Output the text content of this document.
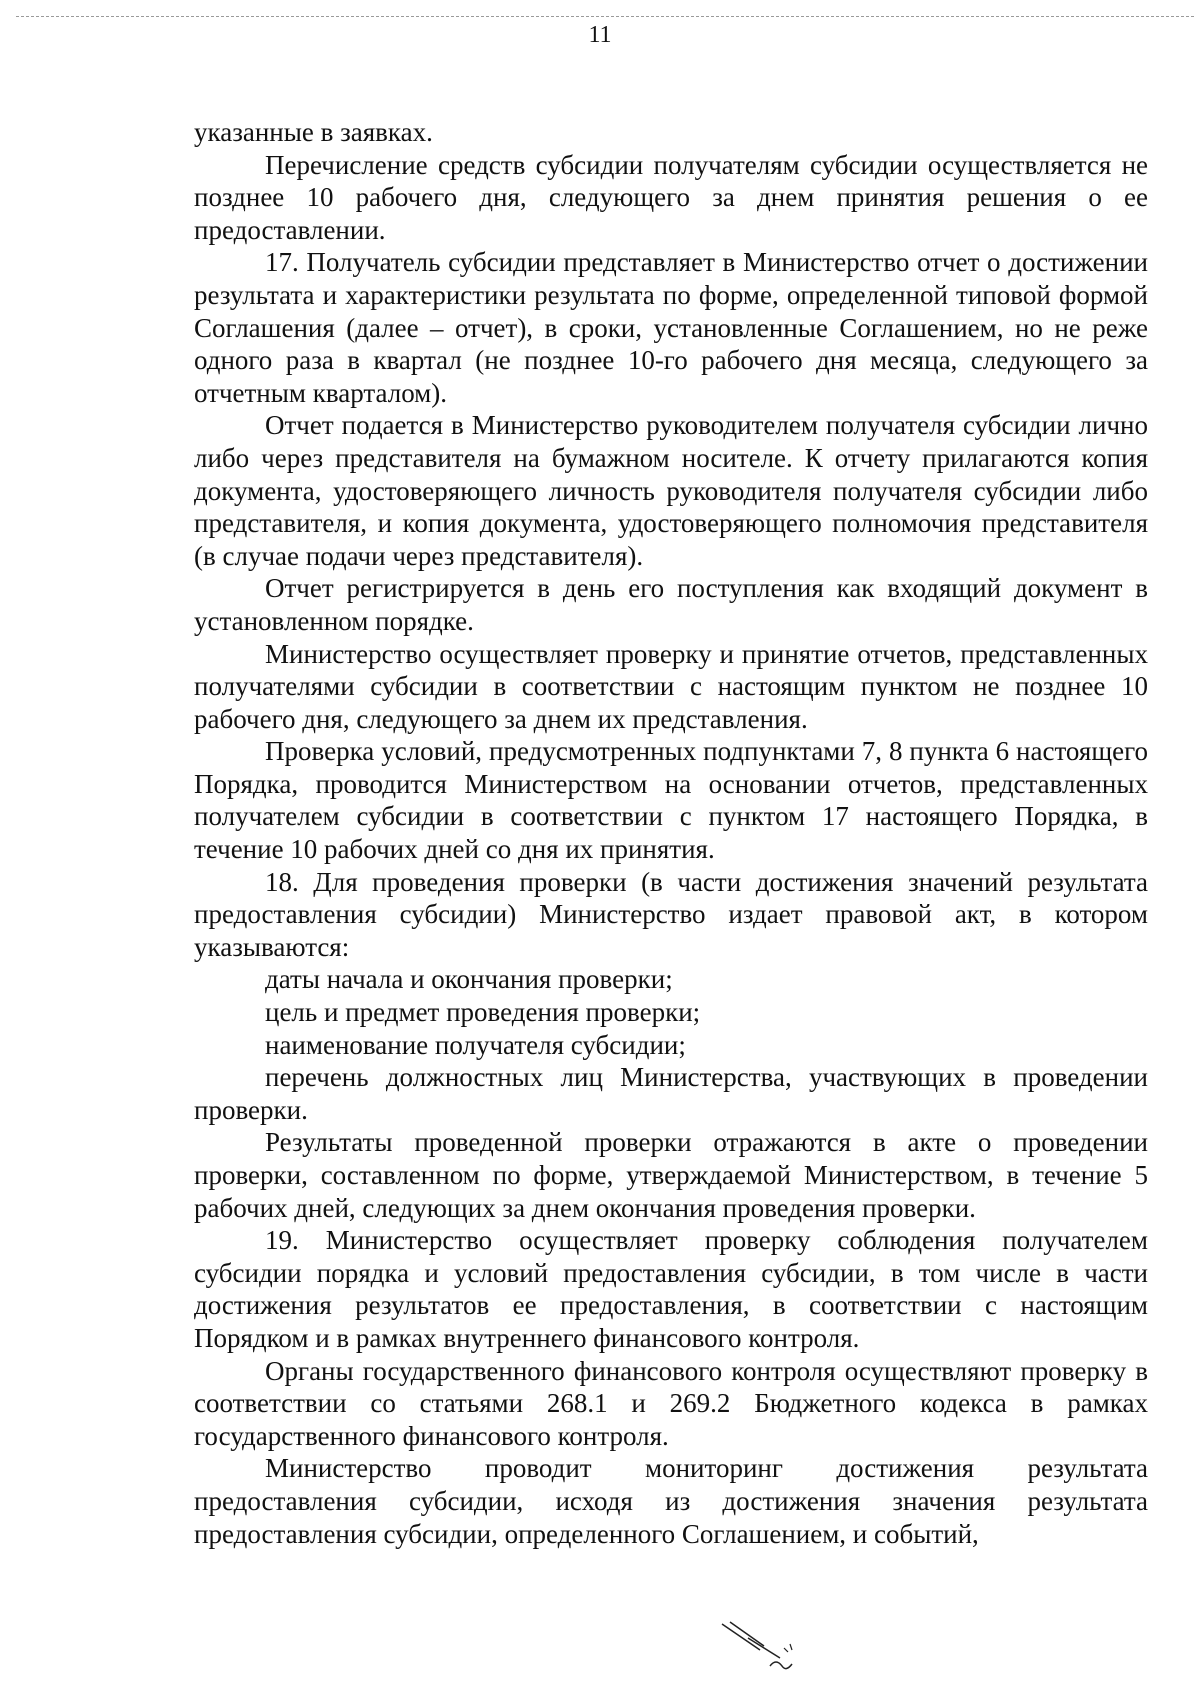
11

указанные в заявках.

Перечисление средств субсидии получателям субсидии осуществляется не позднее 10 рабочего дня, следующего за днем принятия решения о ее предоставлении.

17. Получатель субсидии представляет в Министерство отчет о достижении результата и характеристики результата по форме, определенной типовой формой Соглашения (далее – отчет), в сроки, установленные Соглашением, но не реже одного раза в квартал (не позднее 10-го рабочего дня месяца, следующего за отчетным кварталом).

Отчет подается в Министерство руководителем получателя субсидии лично либо через представителя на бумажном носителе. К отчету прилагаются копия документа, удостоверяющего личность руководителя получателя субсидии либо представителя, и копия документа, удостоверяющего полномочия представителя (в случае подачи через представителя).

Отчет регистрируется в день его поступления как входящий документ в установленном порядке.

Министерство осуществляет проверку и принятие отчетов, представленных получателями субсидии в соответствии с настоящим пунктом не позднее 10 рабочего дня, следующего за днем их представления.

Проверка условий, предусмотренных подпунктами 7, 8 пункта 6 настоящего Порядка, проводится Министерством на основании отчетов, представленных получателем субсидии в соответствии с пунктом 17 настоящего Порядка, в течение 10 рабочих дней со дня их принятия.

18. Для проведения проверки (в части достижения значений результата предоставления субсидии) Министерство издает правовой акт, в котором указываются:

даты начала и окончания проверки;

цель и предмет проведения проверки;

наименование получателя субсидии;

перечень должностных лиц Министерства, участвующих в проведении проверки.

Результаты проведенной проверки отражаются в акте о проведении проверки, составленном по форме, утверждаемой Министерством, в течение 5 рабочих дней, следующих за днем окончания проведения проверки.

19. Министерство осуществляет проверку соблюдения получателем субсидии порядка и условий предоставления субсидии, в том числе в части достижения результатов ее предоставления, в соответствии с настоящим Порядком и в рамках внутреннего финансового контроля.

Органы государственного финансового контроля осуществляют проверку в соответствии со статьями 268.1 и 269.2 Бюджетного кодекса в рамках государственного финансового контроля.

Министерство проводит мониторинг достижения результата предоставления субсидии, исходя из достижения значения результата предоставления субсидии, определенного Соглашением, и событий,
